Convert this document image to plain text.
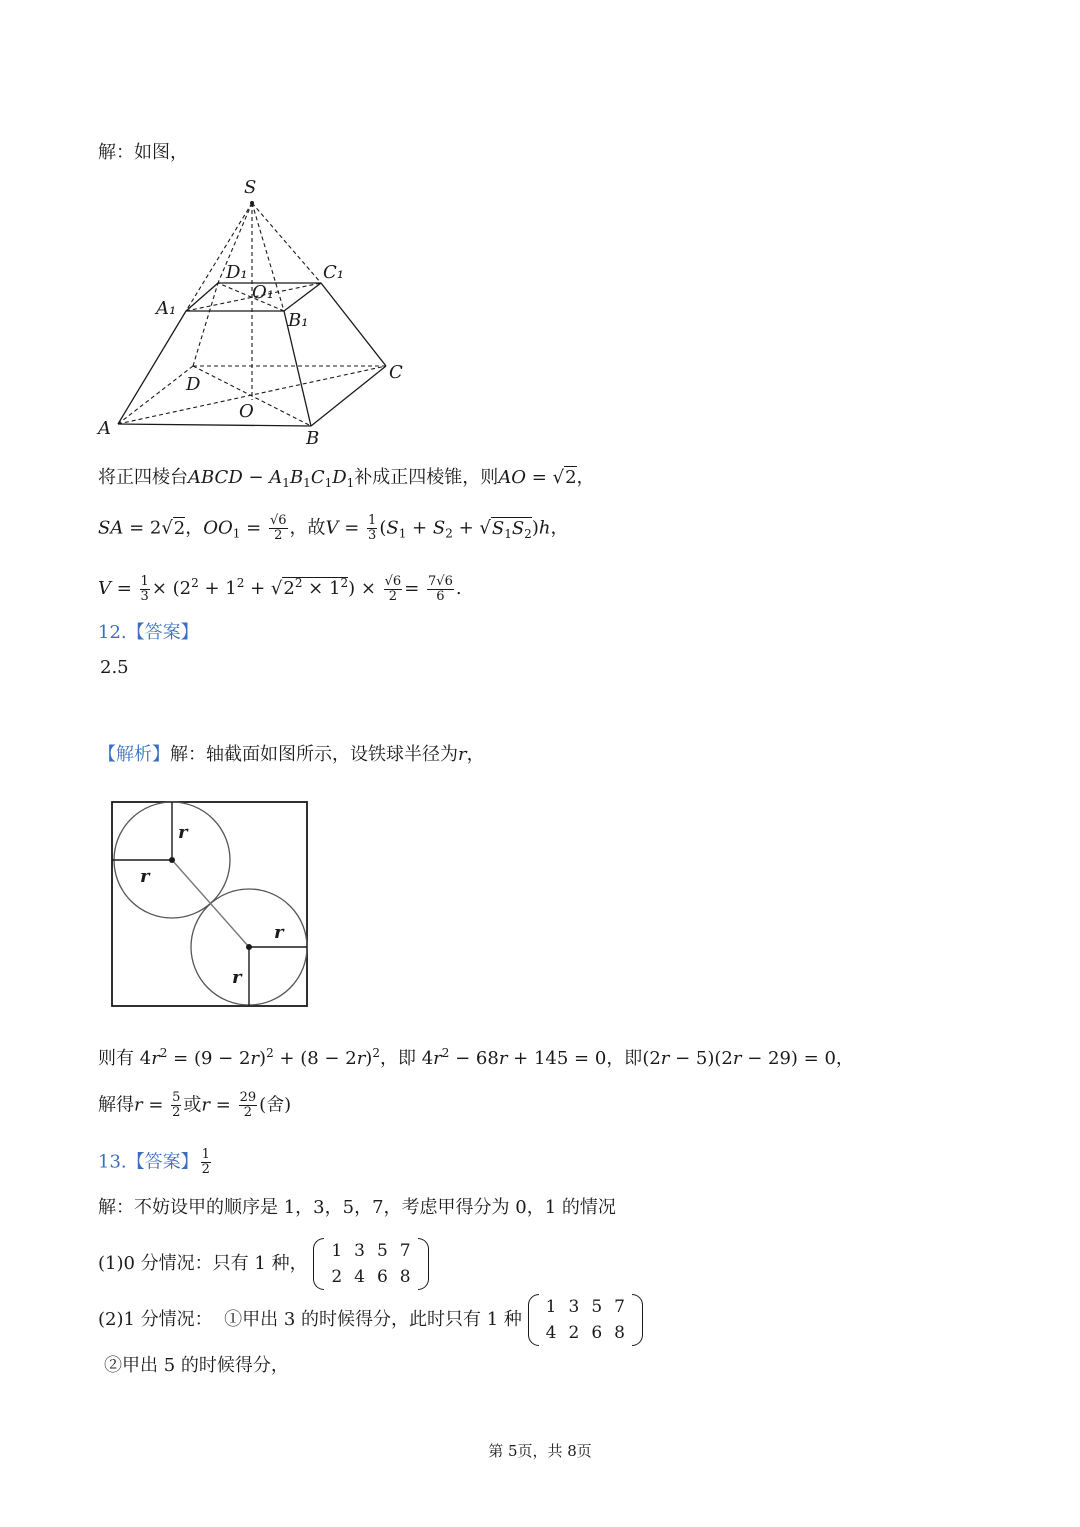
解：如图，
S
D₁	C₁
A₁
B₁
O₁
D
C
O
A	B
将正四棱台ABCD − $A_1B_1C_1D_1$补成正四棱锥，则AO = √2，
SA = 2√2，$OO_1 = \frac{√6}{2}$ ，故$V = \frac{1}{3} (S_1 + S_2 + √S_1S_2)h$，
$V = \frac{1}{3} \times (2^2 + 1^2 + √2^2 \times 1^2) \times \frac{√6}{2} = \frac{7√6}{6}$ .
12.【答案】
2.5
【解析】解：轴截面如图所示，设铁球半径为r，
r
r
r
r
则有 $4r^2 = (9 - 2r)^2 + (8 - 2r)^2$，即 $4r^2 - 68r + 145 = 0$，即(2r − 5)(2r − 29) = 0，
解得$r = \frac{5}{2}$ 或$r = \frac{29}{2}$ (舍)
13.【答案】 $\frac{1}{2}$
解：不妨设甲的顺序是 1，3，5，7，考虑甲得分为 0，1 的情况
(1)0 分情况：只有 1 种，
1	3	5	7
2	4	6	8
(2)1 分情况： ①甲出 3 的时候得分，此时只有 1 种
1	3	5	7
4	2	6	8
②甲出 5 的时候得分，
第 5页，共 8页
